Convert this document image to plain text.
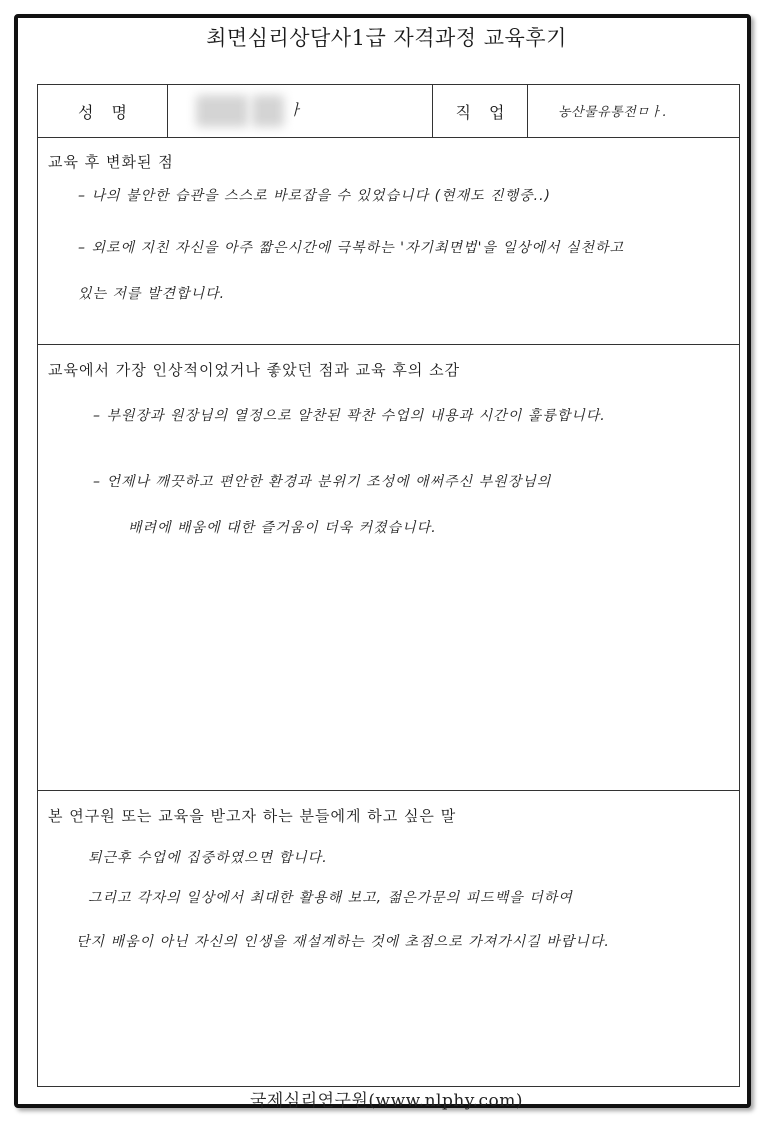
최면심리상담사1급 자격과정 교육후기
성명	ㅏ	직업	농산물유통전ㅁㅏ.
교육 후 변화된 점
– 나의 불안한 습관을 스스로 바로잡을 수 있었습니다 (현재도 진행중..)
– 외로에 지친 자신을 아주 짧은시간에 극복하는 '자기최면법'을 일상에서 실천하고
있는 저를 발견합니다.
교육에서 가장 인상적이었거나 좋았던 점과 교육 후의 소감
– 부원장과 원장님의 열정으로 알찬된 꽉찬 수업의 내용과 시간이 훌륭합니다.
– 언제나 깨끗하고 편안한 환경과 분위기 조성에 애써주신 부원장님의
배려에 배움에 대한 즐거움이 더욱 커졌습니다.
본 연구원 또는 교육을 받고자 하는 분들에게 하고 싶은 말
퇴근후 수업에 집중하였으면 합니다.
그리고 각자의 일상에서 최대한 활용해 보고, 젊은가문의 피드백을 더하여
단지 배움이 아닌 자신의 인생을 재설계하는 것에 초점으로 가져가시길 바랍니다.
국제심리연구원(www.nlphy.com)
